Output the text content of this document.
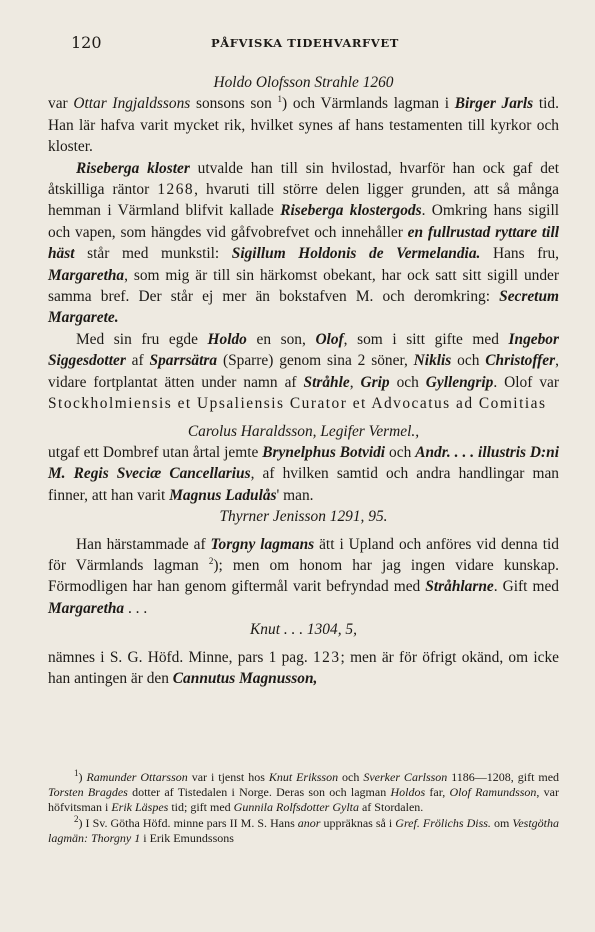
120	PÅFVISKA TIDEHVARFVET

Holdo Olofsson Strahle 1260

var Ottar Ingjaldssons sonsons son $^1$) och Värmlands lagman i Birger Jarls tid. Han lär hafva varit mycket rik, hvilket synes af hans testamenten till kyrkor och kloster.

Riseberga kloster utvalde han till sin hvilostad, hvarför han ock gaf det åtskilliga räntor 1268, hvaruti till större delen ligger grunden, att så många hemman i Värmland blifvit kallade Riseberga klostergods. Omkring hans sigill och vapen, som hängdes vid gåfvobrefvet och innehåller en fullrustad ryttare till häst står med munkstil: Sigillum Holdonis de Vermelandia. Hans fru, Margaretha, som mig är till sin härkomst obekant, har ock satt sitt sigill under samma bref. Der står ej mer än bokstafven M. och deromkring: Secretum Margarete.

Med sin fru egde Holdo en son, Olof, som i sitt gifte med Ingebor Siggesdotter af Sparrsätra (Sparre) genom sina 2 söner, Niklis och Christoffer, vidare fortplantat ätten under namn af Stråhle, Grip och Gyllengrip. Olof var Stockholmiensis et Upsaliensis Curator et Advocatus ad Comitias

Carolus Haraldsson, Legifer Vermel.,

utgaf ett Dombref utan årtal jemte Brynelphus Botvidi och Andr. . . . illustris D:ni M. Regis Sveciæ Cancellarius, af hvilken samtid och andra handlingar man finner, att han varit Magnus Ladulås' man.

Thyrner Jenisson 1291, 95.

Han härstammade af Torgny lagmans ätt i Upland och anföres vid denna tid för Värmlands lagman $^2$); men om honom har jag ingen vidare kunskap. Förmodligen har han genom giftermål varit befryndad med Stråhlarne. Gift med Margaretha . . .

Knut . . . 1304, 5,

nämnes i S. G. Höfd. Minne, pars 1 pag. 123; men är för öfrigt okänd, om icke han antingen är den Cannutus Magnusson,

$^1$) Ramunder Ottarsson var i tjenst hos Knut Eriksson och Sverker Carlsson 1186—1208, gift med Torsten Bragdes dotter af Tistedalen i Norge. Deras son och lagman Holdos far, Olof Ramundsson, var höfvitsman i Erik Läspes tid; gift med Gunnila Rolfsdotter Gylta af Stordalen.

$^2$) I Sv. Götha Höfd. minne pars II M. S. Hans anor uppräknas så i Gref. Frölichs Diss. om Vestgötha lagmän: Thorgny 1 i Erik Emundssons
